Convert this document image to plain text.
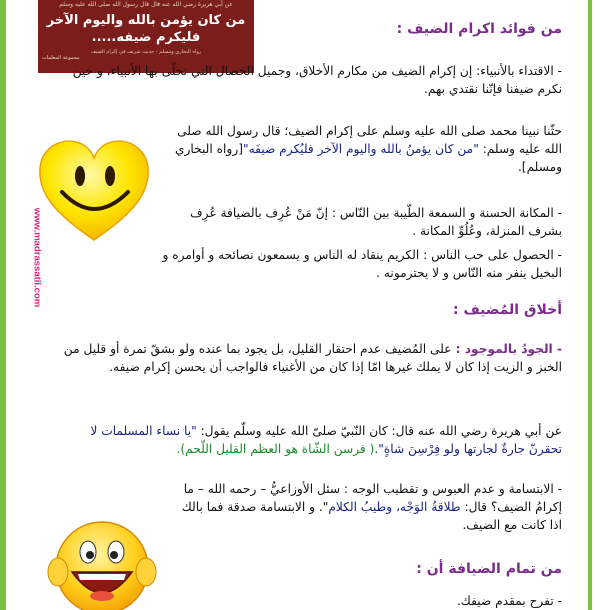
عن أبي هريرة رضي الله عنه قال قال رسول الله صلى الله عليه وسلم
من كان يؤمن بالله واليوم الآخر
فليكرم ضيفه.....
رواه البخاري ومسلم - حديث شريف في إكرام الضيف
مجموعة المعلمات
من فوائد اكرام الضيف :
- الاقتداء بالأنبياء: إن إكرام الضيف من مكارم الأخلاق، وجميل الخصال التي تحلّى بها الأنبياء، و حين نكرم ضيفنا فإنّنا نقتدي بهم.
حثّنا نبينا محمد صلى الله عليه وسلم على إكرام الضيف؛ قال رسول الله صلى الله عليه وسلم: "من كان يؤمنُ بالله واليوم الآخر فليُكرم ضيفَه"[رواه البخاري ومسلم].
www.madrassatii.com	- المكانة الحسنة و السمعة الطّيبة بين النّاس : إنّ مَنْ عُرِف بالضيافة عُرِف بشرف المنزلة، وعُلُوِّ المكانة .
- الحصول على حب الناس : الكريم ينقاد له الناس و يسمعون نصائحه و أوامره و البخيل ينفر منه النّاس و لا يحترمونه .
أخلاق المُضيف :
- الجودُ بالموجود : على المُضيف عدم احتقار القليل، بل يجود بما عنده ولو بشقّ تمرة أو قليل من الخبز و الزيت إذا كان لا يملك غيرها امّا إذا كان من الأغنياء فالواجب أن يحسن إكرام ضيفه.
عن أبي هريرة رضي الله عنه قال: كان النّبيّ صلىّ الله عليه وسلّم يقول: "يا نساء المسلمات لا تحقرنّ جارةٌ لجارتها ولو فِرْسِنَ شاةٍ".( فرسن الشّاة هو العظم القليل اللّحم).
- الابتسامة و عدم العبوس و تقطيب الوجه : سئل الأوزاعيُّ – رحمه الله – ما إكرامُ الضيف؟ قال: طلاقةُ الوَجْه، وطيبُ الكلام". و الابتسامة صدقة فما بالك اذا كانت مع الضيف.
من تمام الضيافة أن :
- تفرح بمقدم ضيفك.
